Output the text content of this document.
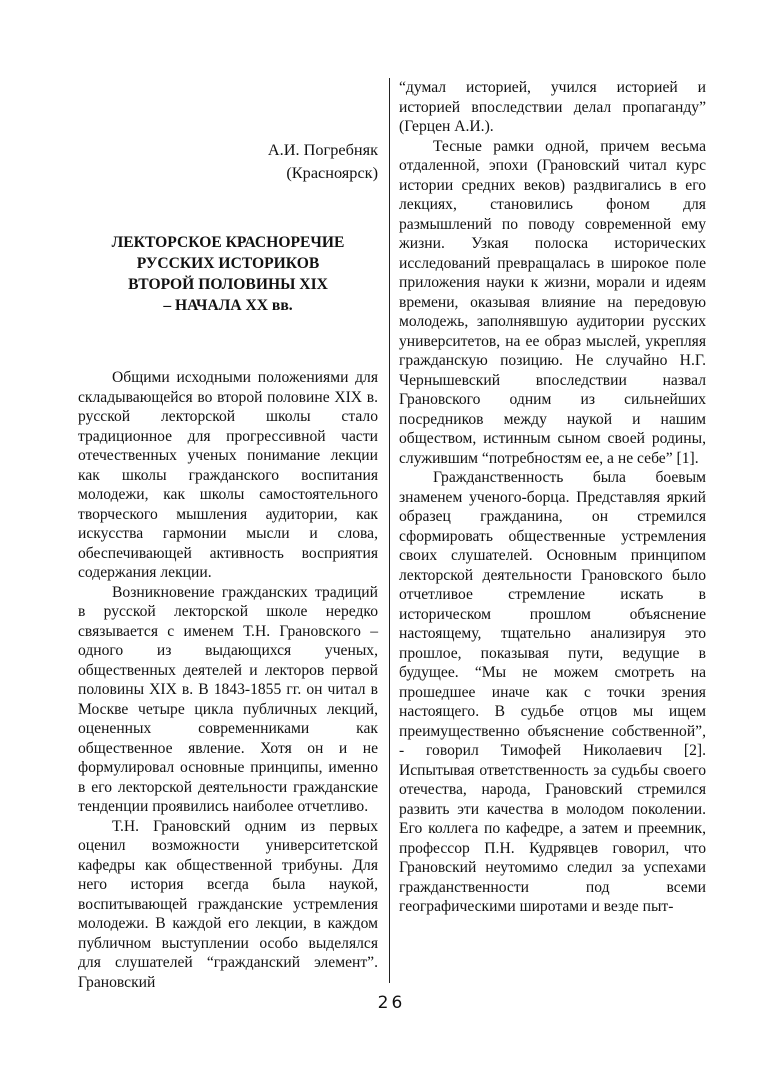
А.И. Погребняк
(Красноярск)
ЛЕКТОРСКОЕ КРАСНОРЕЧИЕ
РУССКИХ ИСТОРИКОВ
ВТОРОЙ ПОЛОВИНЫ XIX
– НАЧАЛА XX вв.

Общими исходными положениями для складывающейся во второй половине XIX в. русской лекторской школы стало традиционное для прогрессивной части отечественных ученых понимание лекции как школы гражданского воспитания молодежи, как школы самостоятельного творческого мышления аудитории, как искусства гармонии мысли и слова, обеспечивающей активность восприятия содержания лекции.

Возникновение гражданских традиций в русской лекторской школе нередко связывается с именем Т.Н. Грановского – одного из выдающихся ученых, общественных деятелей и лекторов первой половины XIX в. В 1843-1855 гг. он читал в Москве четыре цикла публичных лекций, оцененных современниками как общественное явление. Хотя он и не формулировал основные принципы, именно в его лекторской деятельности гражданские тенденции проявились наиболее отчетливо.

Т.Н. Грановский одним из первых оценил возможности университетской кафедры как общественной трибуны. Для него история всегда была наукой, воспитывающей гражданские устремления молодежи. В каждой его лекции, в каждом публичном выступлении особо выделялся для слушателей “гражданский элемент”. Грановский

“думал историей, учился историей и историей впоследствии делал пропаганду” (Герцен А.И.).

Тесные рамки одной, причем весьма отдаленной, эпохи (Грановский читал курс истории средних веков) раздвигались в его лекциях, становились фоном для размышлений по поводу современной ему жизни. Узкая полоска исторических исследований превращалась в широкое поле приложения науки к жизни, морали и идеям времени, оказывая влияние на передовую молодежь, заполнявшую аудитории русских университетов, на ее образ мыслей, укрепляя гражданскую позицию. Не случайно Н.Г. Чернышевский впоследствии назвал Грановского одним из сильнейших посредников между наукой и нашим обществом, истинным сыном своей родины, служившим “потребностям ее, а не себе” [1].

Гражданственность была боевым знаменем ученого-борца. Представляя яркий образец гражданина, он стремился сформировать общественные устремления своих слушателей. Основным принципом лекторской деятельности Грановского было отчетливое стремление искать в историческом прошлом объяснение настоящему, тщательно анализируя это прошлое, показывая пути, ведущие в будущее. “Мы не можем смотреть на прошедшее иначе как с точки зрения настоящего. В судьбе отцов мы ищем преимущественно объяснение собственной”, - говорил Тимофей Николаевич [2]. Испытывая ответственность за судьбы своего отечества, народа, Грановский стремился развить эти качества в молодом поколении. Его коллега по кафедре, а затем и преемник, профессор П.Н. Кудрявцев говорил, что Грановский неутомимо следил за успехами гражданственности под всеми географическими широтами и везде пыт-

26
